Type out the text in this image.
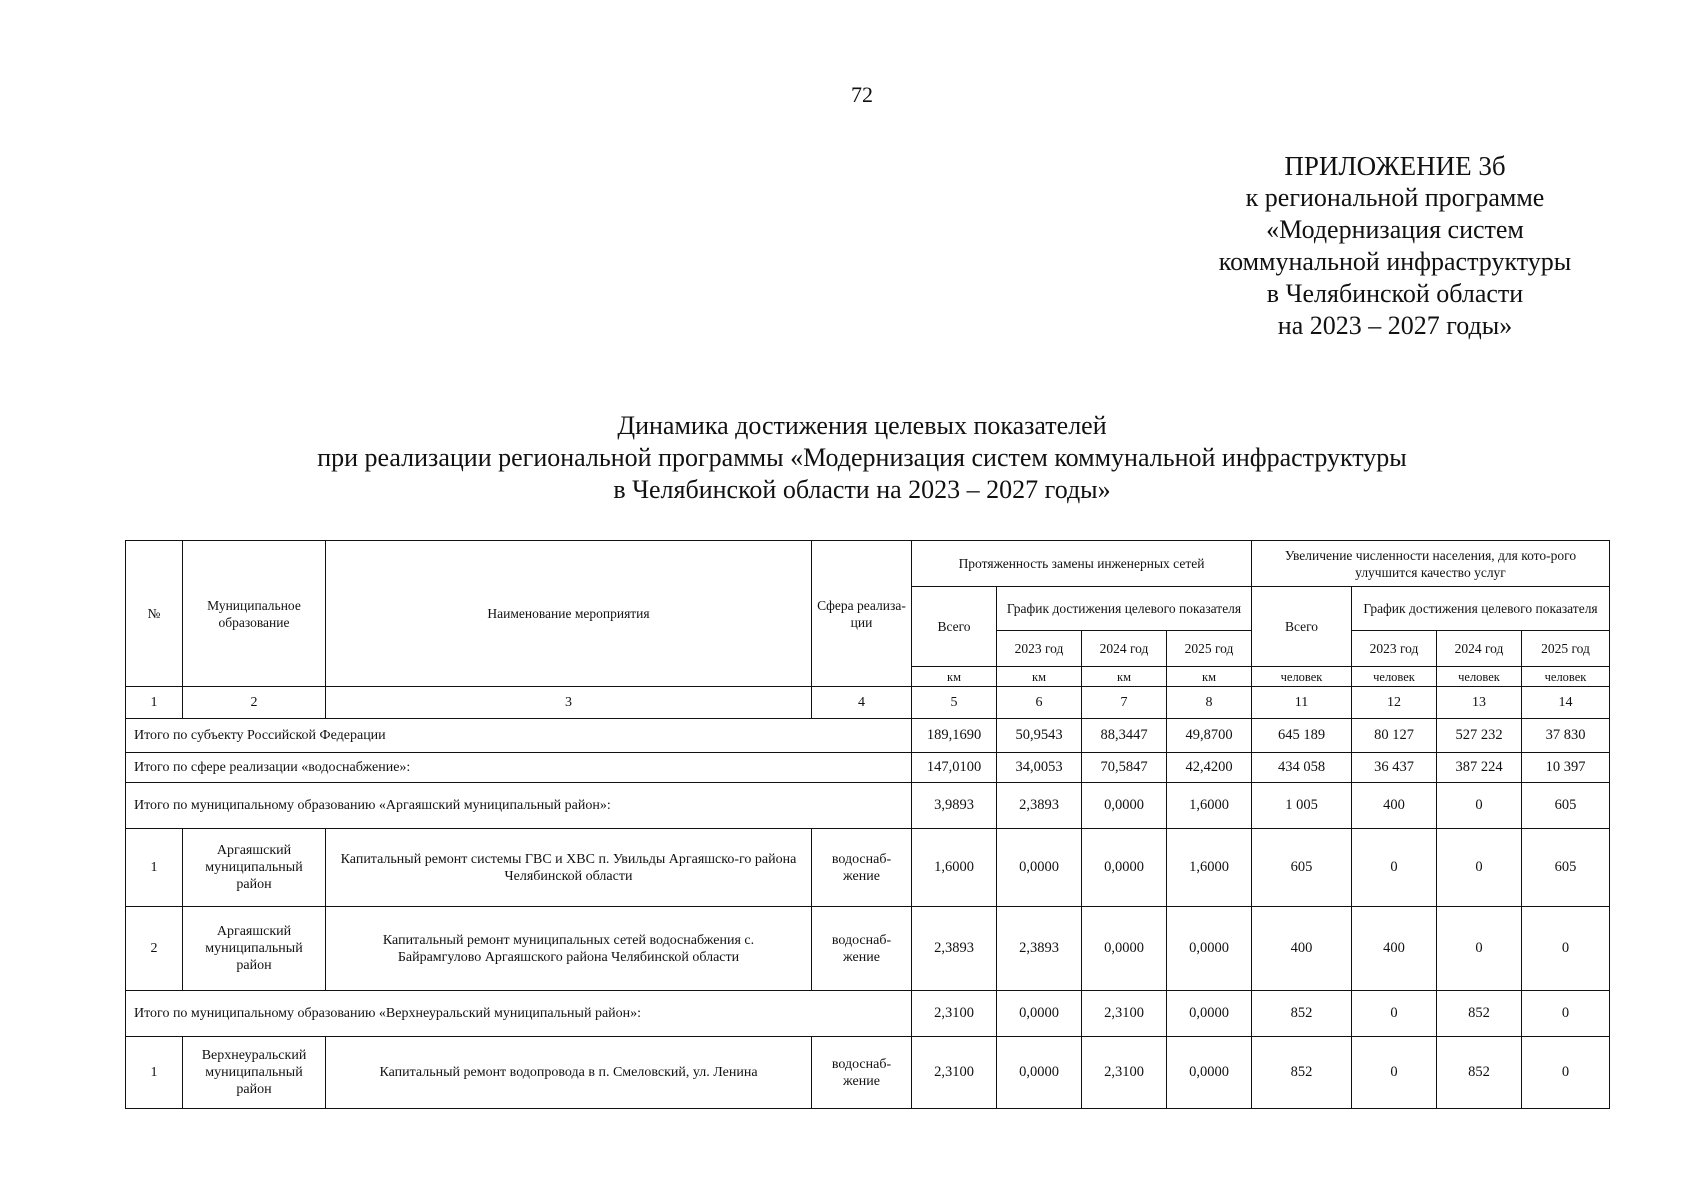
72
ПРИЛОЖЕНИЕ 3б
к региональной программе
«Модернизация систем
коммунальной инфраструктуры
в Челябинской области
на 2023 – 2027 годы»
Динамика достижения целевых показателей
при реализации региональной программы «Модернизация систем коммунальной инфраструктуры
в Челябинской области на 2023 – 2027 годы»
№	Муниципальное образование	Наименование мероприятия	Сфера реализа-ции	Протяженность замены инженерных сетей				Увеличение численности населения, для кото-рого улучшится качество услуг			
				Всего	График достижения целевого показателя			Всего	График достижения целевого показателя		
					2023 год	2024 год	2025 год		2023 год	2024 год	2025 год
				км	км	км	км	человек	человек	человек	человек
1	2	3	4	5	6	7	8	11	12	13	14
Итого по субъекту Российской Федерации				189,1690	50,9543	88,3447	49,8700	645 189	80 127	527 232	37 830
Итого по сфере реализации «водоснабжение»:				147,0100	34,0053	70,5847	42,4200	434 058	36 437	387 224	10 397
Итого по муниципальному образованию «Аргаяшский муниципальный район»:				3,9893	2,3893	0,0000	1,6000	1 005	400	0	605
1	Аргаяшский муниципальный район	Капитальный ремонт системы ГВС и ХВС п. Увильды Аргаяшско-го района Челябинской области	водоснаб-жение	1,6000	0,0000	0,0000	1,6000	605	0	0	605
2	Аргаяшский муниципальный район	Капитальный ремонт муниципальных сетей водоснабжения с. Байрамгулово Аргаяшского района Челябинской области	водоснаб-жение	2,3893	2,3893	0,0000	0,0000	400	400	0	0
Итого по муниципальному образованию «Верхнеуральский муниципальный район»:				2,3100	0,0000	2,3100	0,0000	852	0	852	0
1	Верхнеуральский муниципальный район	Капитальный ремонт водопровода в п. Смеловский, ул. Ленина	водоснаб-жение	2,3100	0,0000	2,3100	0,0000	852	0	852	0
